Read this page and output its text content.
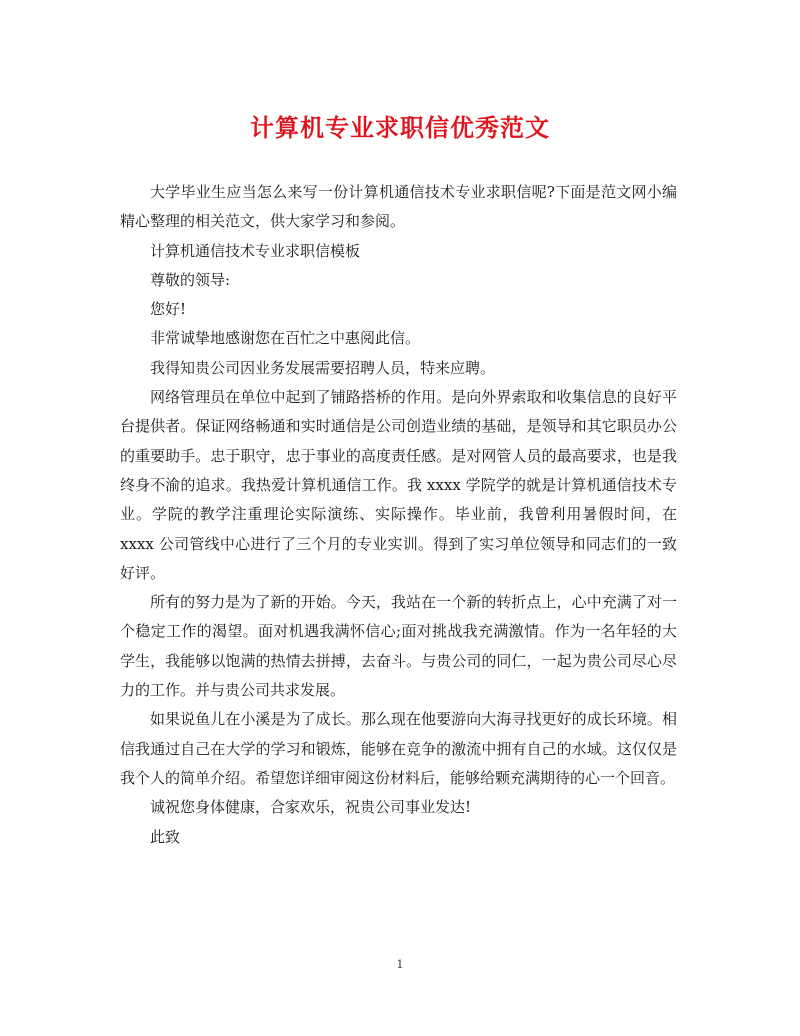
计算机专业求职信优秀范文

大学毕业生应当怎么来写一份计算机通信技术专业求职信呢?下面是范文网小编精心整理的相关范文，供大家学习和参阅。

计算机通信技术专业求职信模板

尊敬的领导:

您好!

非常诚挚地感谢您在百忙之中惠阅此信。

我得知贵公司因业务发展需要招聘人员，特来应聘。

网络管理员在单位中起到了铺路搭桥的作用。是向外界索取和收集信息的良好平台提供者。保证网络畅通和实时通信是公司创造业绩的基础，是领导和其它职员办公的重要助手。忠于职守，忠于事业的高度责任感。是对网管人员的最高要求，也是我终身不渝的追求。我热爱计算机通信工作。我 xxxx 学院学的就是计算机通信技术专业。学院的教学注重理论实际演练、实际操作。毕业前，我曾利用暑假时间，在 xxxx 公司管线中心进行了三个月的专业实训。得到了实习单位领导和同志们的一致好评。

所有的努力是为了新的开始。今天，我站在一个新的转折点上，心中充满了对一个稳定工作的渴望。面对机遇我满怀信心;面对挑战我充满激情。作为一名年轻的大学生，我能够以饱满的热情去拼搏，去奋斗。与贵公司的同仁，一起为贵公司尽心尽力的工作。并与贵公司共求发展。

如果说鱼儿在小溪是为了成长。那么现在他要游向大海寻找更好的成长环境。相信我通过自己在大学的学习和锻炼，能够在竞争的激流中拥有自己的水域。这仅仅是我个人的简单介绍。希望您详细审阅这份材料后，能够给颗充满期待的心一个回音。

诚祝您身体健康，合家欢乐，祝贵公司事业发达!

此致

1
